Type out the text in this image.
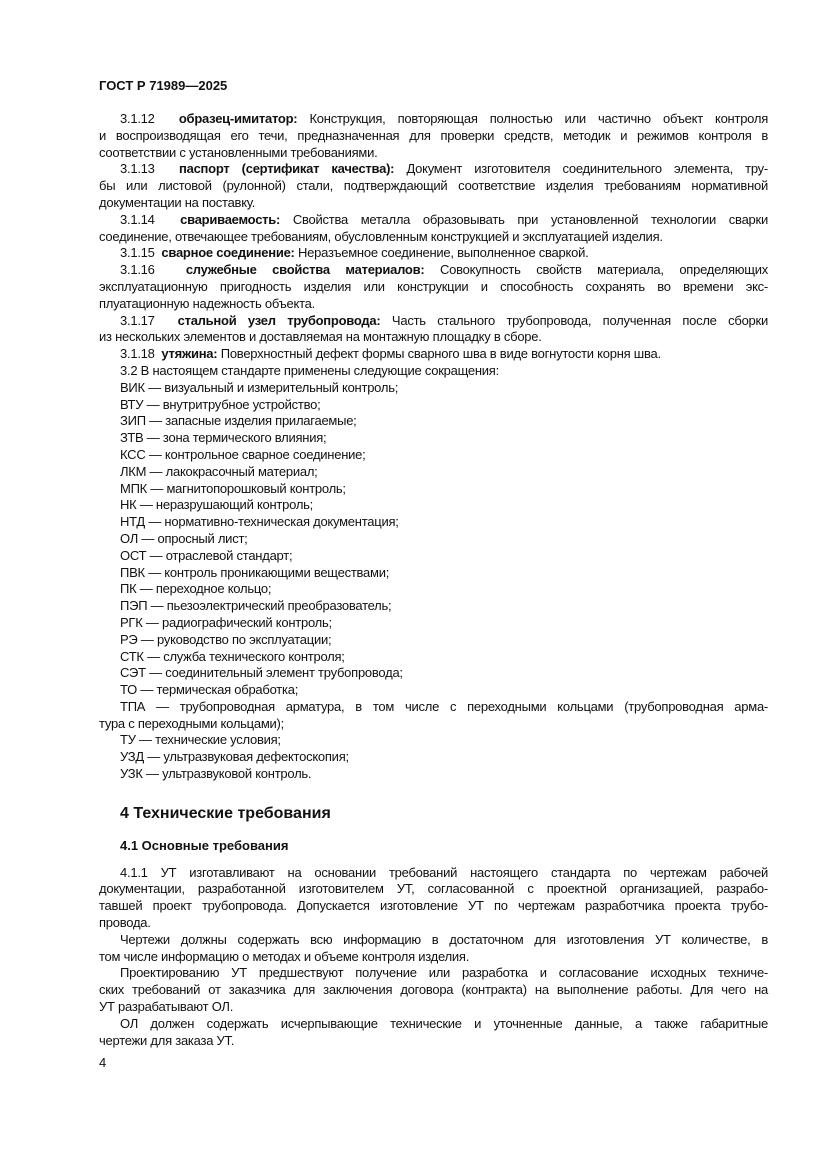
ГОСТ Р 71989—2025
3.1.12 образец-имитатор: Конструкция, повторяющая полностью или частично объект контроля
и воспроизводящая его течи, предназначенная для проверки средств, методик и режимов контроля в
соответствии с установленными требованиями.
3.1.13 паспорт (сертификат качества): Документ изготовителя соединительного элемента, тру-
бы или листовой (рулонной) стали, подтверждающий соответствие изделия требованиям нормативной
документации на поставку.
3.1.14 свариваемость: Свойства металла образовывать при установленной технологии сварки
соединение, отвечающее требованиям, обусловленным конструкцией и эксплуатацией изделия.
3.1.15 сварное соединение: Неразъемное соединение, выполненное сваркой.
3.1.16 служебные свойства материалов: Совокупность свойств материала, определяющих
эксплуатационную пригодность изделия или конструкции и способность сохранять во времени экс-
плуатационную надежность объекта.
3.1.17 стальной узел трубопровода: Часть стального трубопровода, полученная после сборки
из нескольких элементов и доставляемая на монтажную площадку в сборе.
3.1.18 утяжина: Поверхностный дефект формы сварного шва в виде вогнутости корня шва.
3.2 В настоящем стандарте применены следующие сокращения:
ВИК — визуальный и измерительный контроль;
ВТУ — внутритрубное устройство;
ЗИП — запасные изделия прилагаемые;
ЗТВ — зона термического влияния;
КСС — контрольное сварное соединение;
ЛКМ — лакокрасочный материал;
МПК — магнитопорошковый контроль;
НК — неразрушающий контроль;
НТД — нормативно-техническая документация;
ОЛ — опросный лист;
ОСТ — отраслевой стандарт;
ПВК — контроль проникающими веществами;
ПК — переходное кольцо;
ПЭП — пьезоэлектрический преобразователь;
РГК — радиографический контроль;
РЭ — руководство по эксплуатации;
СТК — служба технического контроля;
СЭТ — соединительный элемент трубопровода;
ТО — термическая обработка;
ТПА — трубопроводная арматура, в том числе с переходными кольцами (трубопроводная арма-
тура с переходными кольцами);
ТУ — технические условия;
УЗД — ультразвуковая дефектоскопия;
УЗК — ультразвуковой контроль.
4 Технические требования
4.1 Основные требования
4.1.1 УТ изготавливают на основании требований настоящего стандарта по чертежам рабочей
документации, разработанной изготовителем УТ, согласованной с проектной организацией, разрабо-
тавшей проект трубопровода. Допускается изготовление УТ по чертежам разработчика проекта трубо-
провода.
Чертежи должны содержать всю информацию в достаточном для изготовления УТ количестве, в
том числе информацию о методах и объеме контроля изделия.
Проектированию УТ предшествуют получение или разработка и согласование исходных техниче-
ских требований от заказчика для заключения договора (контракта) на выполнение работы. Для чего на
УТ разрабатывают ОЛ.
ОЛ должен содержать исчерпывающие технические и уточненные данные, а также габаритные
чертежи для заказа УТ.
4
